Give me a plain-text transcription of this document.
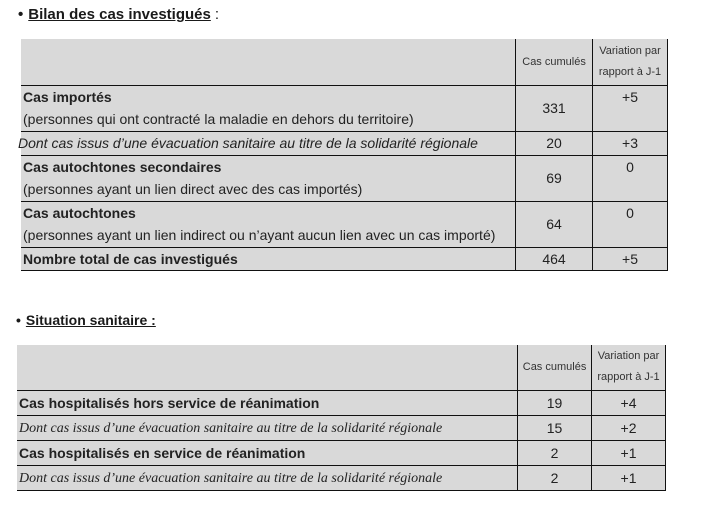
• Bilan des cas investigués :
	Cas cumulés	Variation par rapport à J-1

Cas importés
(personnes qui ont contracté la maladie en dehors du territoire)	331	+5
Dont cas issus d’une évacuation sanitaire au titre de la solidarité régionale	20	+3

Cas autochtones secondaires
(personnes ayant un lien direct avec des cas importés)	69	0

Cas autochtones
(personnes ayant un lien indirect ou n’ayant aucun lien avec un cas importé)	64	0

Nombre total de cas investigués	464	+5
• Situation sanitaire :
	Cas cumulés	Variation par rapport à J-1

Cas hospitalisés hors service de réanimation	19	+4
Dont cas issus d’une évacuation sanitaire au titre de la solidarité régionale	15	+2

Cas hospitalisés en service de réanimation	2	+1
Dont cas issus d’une évacuation sanitaire au titre de la solidarité régionale	2	+1
